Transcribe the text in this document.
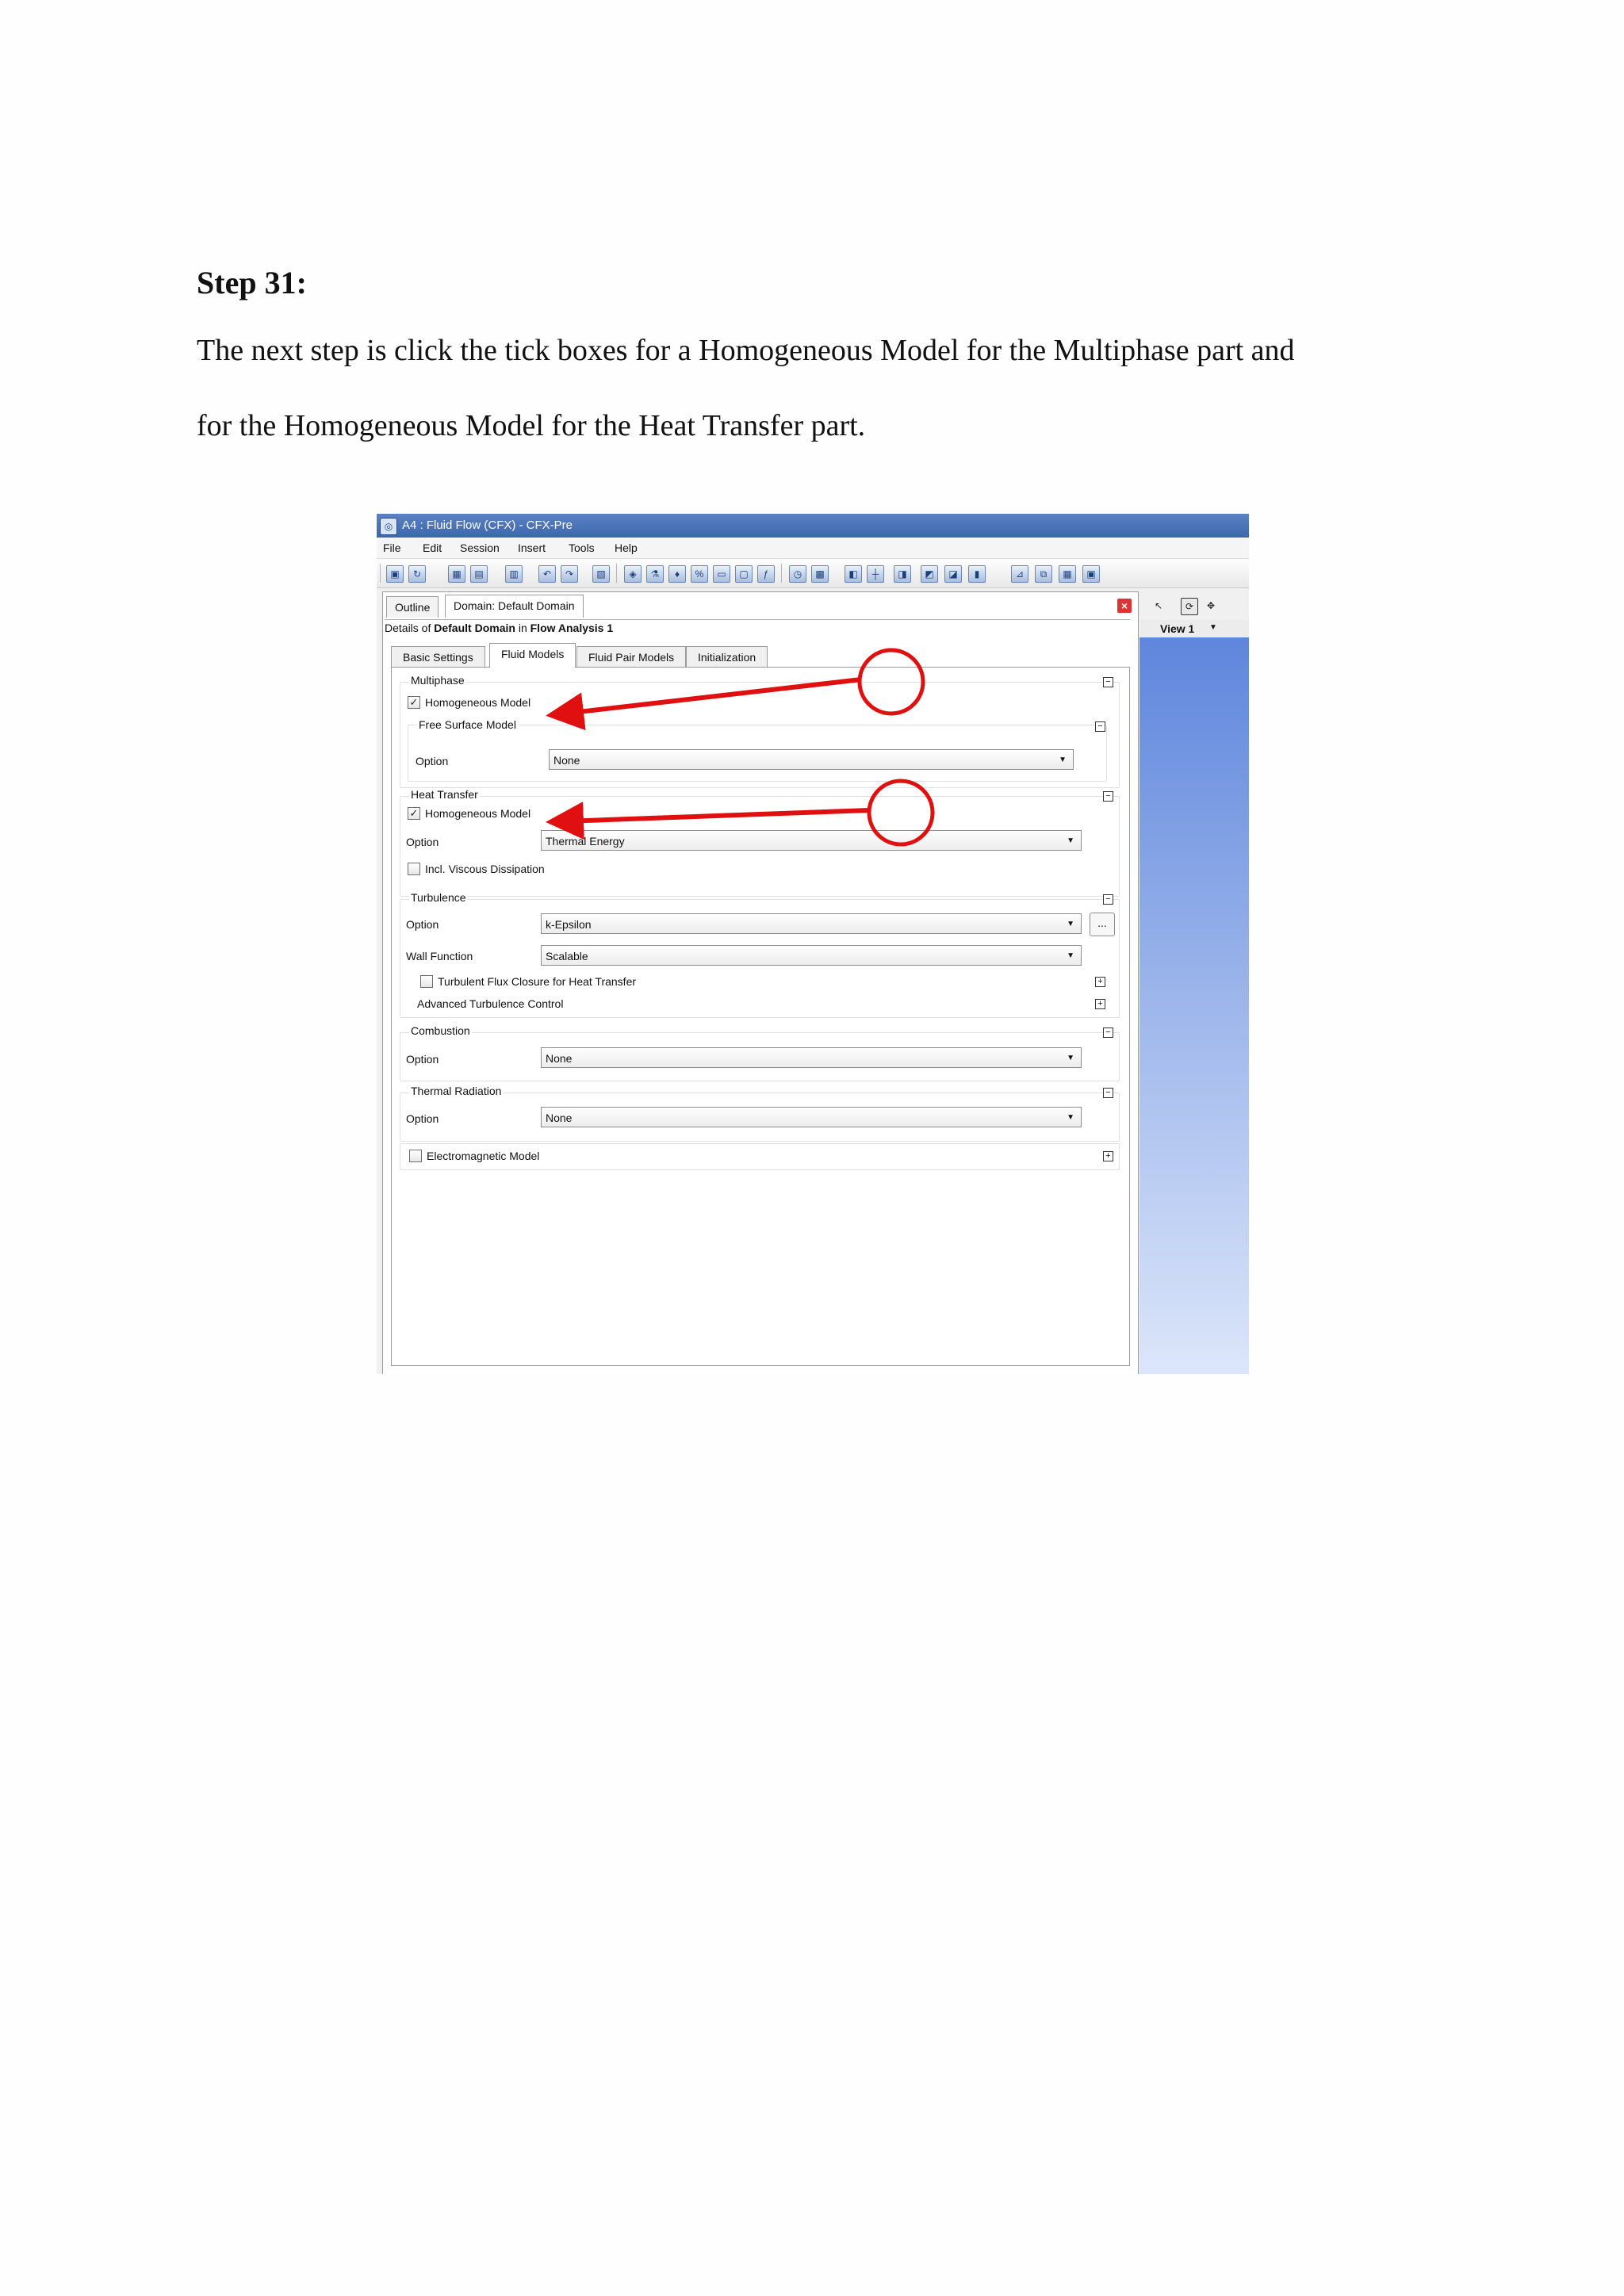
Step 31:
The next step is click the tick boxes for a Homogeneous Model for the Multiphase part and
for the Homogeneous Model for the Heat Transfer part.
◎ A4 : Fluid Flow (CFX) - CFX-Pre
File Edit Session Insert Tools Help
▣	↻	▦	▤	▥	↶	↷	▧	◈	⚗	♦	%	▭	▢	ƒ	◷	▩	◧	┼	◨	◩	◪	▮	⊿	⧉	▦	▣
Outline	Domain: Default Domain	×
Details of Default Domain in Flow Analysis 1
Basic Settings	Fluid Models	Fluid Pair Models	Initialization
Multiphase	−
✓ Homogeneous Model
Free Surface Model	−
Option	None	▼
Heat Transfer	−
✓ Homogeneous Model
Option	Thermal Energy	▼
Incl. Viscous Dissipation
Turbulence	−
Option	k-Epsilon	▼	...
Wall Function	Scalable	▼
Turbulent Flux Closure for Heat Transfer	+
Advanced Turbulence Control	+
Combustion	−
Option	None	▼
Thermal Radiation	−
Option	None	▼
Electromagnetic Model	+
↖	⟳	✥
View 1 ▼
